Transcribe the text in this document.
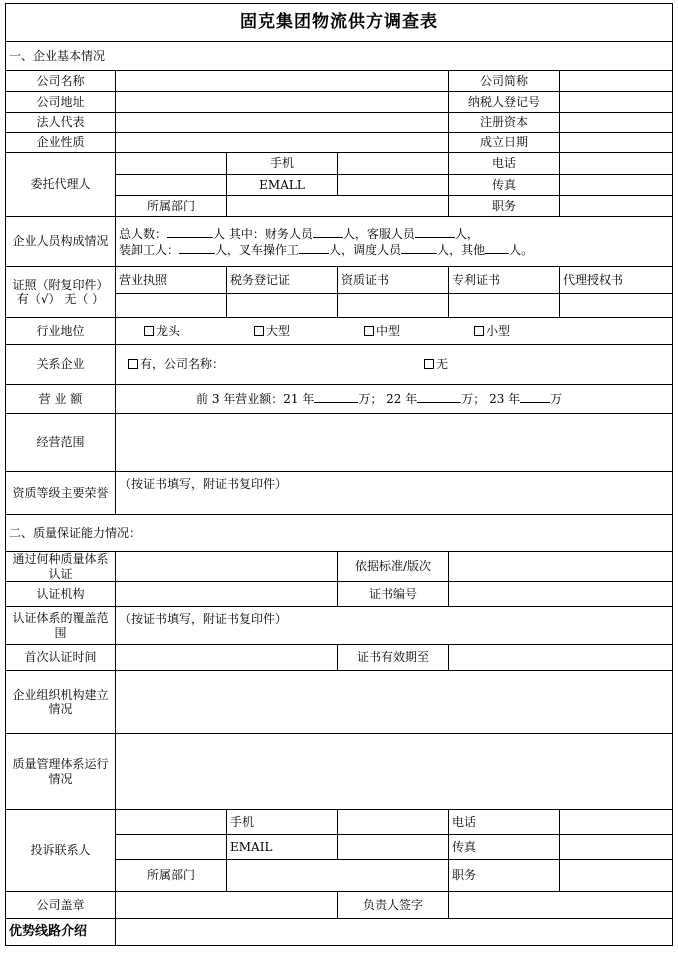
固克集团物流供方调查表					
一、企业基本情况					
公司名称				公司简称	
公司地址				纳税人登记号	
法人代表				注册资本	
企业性质				成立日期	
委托代理人		手机		电话	
		EMALL		传真	
	所属部门			职务	
企业人员构成情况	总人数： 人 其中：财务人员 人，客服人员 人，
装卸工人： 人，叉车操作工 人，调度人员 人，其他 人。				

证照（附复印件）有（√） 无（ ）	营业执照	税务登记证	资质证书	专利证书	代理授权书

行业地位	龙头 大型 中型 小型				
关系企业	有，公司名称： 无				
营 业 额	前 3 年营业额：21 年 万； 22 年 万； 23 年 万				
经营范围					
资质等级主要荣誉	（按证书填写，附证书复印件）				
二、质量保证能力情况：					
通过何种质量体系认证			依据标准/版次		
认证机构			证书编号		
认证体系的覆盖范围	（按证书填写，附证书复印件）				
首次认证时间			证书有效期至		
企业组织机构建立情况					
质量管理体系运行情况					
投诉联系人		手机		电话	
		EMAIL		传真	
	所属部门			职务	
公司盖章			负责人签字		
优势线路介绍					
